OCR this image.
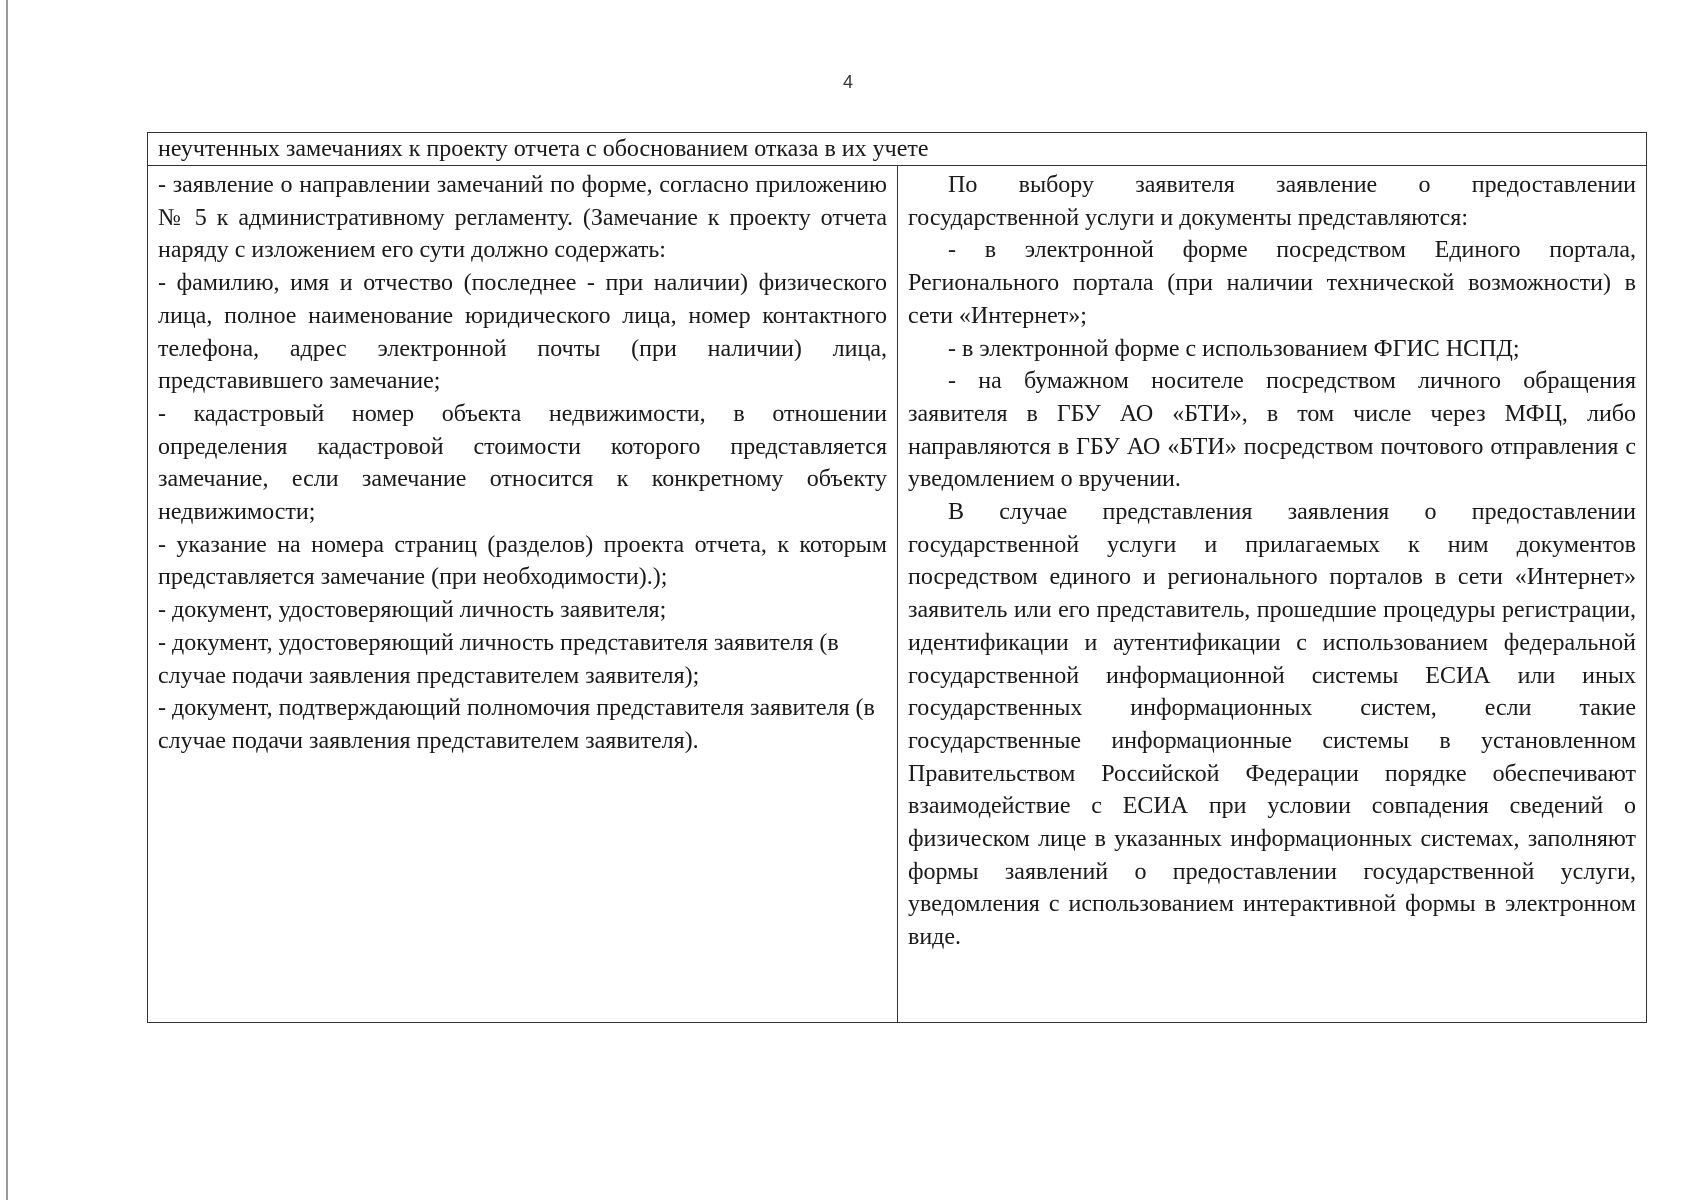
4
неучтенных замечаниях к проекту отчета с обоснованием отказа в их учете

- заявление о направлении замечаний по форме, согласно приложению № 5 к административному регламенту. (Замечание к проекту отчета наряду с изложением его сути должно содержать:

- фамилию, имя и отчество (последнее - при наличии) физического лица, полное наименование юридического лица, номер контактного телефона, адрес электронной почты (при наличии) лица, представившего замечание;

- кадастровый номер объекта недвижимости, в отношении определения кадастровой стоимости которого представляется замечание, если замечание относится к конкретному объекту недвижимости;

- указание на номера страниц (разделов) проекта отчета, к которым представляется замечание (при необходимости).);

- документ, удостоверяющий личность заявителя;

- документ, удостоверяющий личность представителя заявителя (в случае подачи заявления представителем заявителя);

- документ, подтверждающий полномочия представителя заявителя (в случае подачи заявления представителем заявителя).

По выбору заявителя заявление о предоставлении государственной услуги и документы представляются:

- в электронной форме посредством Единого портала, Регионального портала (при наличии технической возможности) в сети «Интернет»;

- в электронной форме с использованием ФГИС НСПД;

- на бумажном носителе посредством личного обращения заявителя в ГБУ АО «БТИ», в том числе через МФЦ, либо направляются в ГБУ АО «БТИ» посредством почтового отправления с уведомлением о вручении.

В случае представления заявления о предоставлении государственной услуги и прилагаемых к ним документов посредством единого и регионального порталов в сети «Интернет» заявитель или его представитель, прошедшие процедуры регистрации, идентификации и аутентификации с использованием федеральной государственной информационной системы ЕСИА или иных государственных информационных систем, если такие государственные информационные системы в установленном Правительством Российской Федерации порядке обеспечивают взаимодействие с ЕСИА при условии совпадения сведений о физическом лице в указанных информационных системах, заполняют формы заявлений о предоставлении государственной услуги, уведомления с использованием интерактивной формы в электронном виде.
